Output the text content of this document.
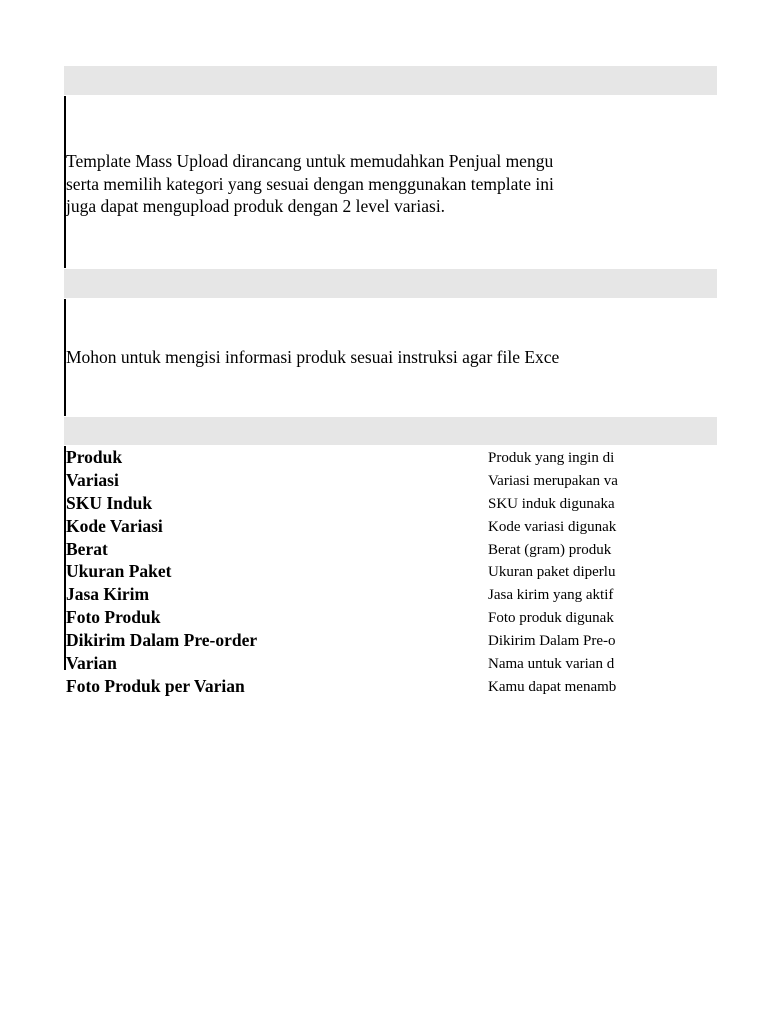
Template Mass Upload dirancang untuk memudahkan Penjual mengu
serta memilih kategori yang sesuai dengan menggunakan template ini
juga dapat mengupload produk dengan 2 level variasi.
Mohon untuk mengisi informasi produk sesuai instruksi agar file Exce
Produk
Variasi
SKU Induk
Kode Variasi
Berat
Ukuran Paket
Jasa Kirim
Foto Produk
Dikirim Dalam Pre-order
Varian
Foto Produk per Varian
Produk yang ingin di
Variasi merupakan va
SKU induk digunaka
Kode variasi digunak
Berat (gram) produk
Ukuran paket diperlu
Jasa kirim yang aktif
Foto produk digunak
Dikirim Dalam Pre-o
Nama untuk varian d
Kamu dapat menamb
